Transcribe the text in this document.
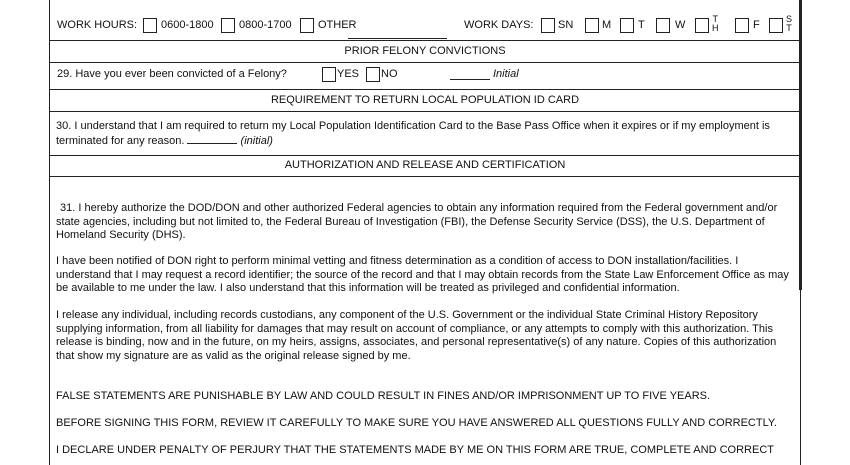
WORK HOURS: 0600-1800 0800-1700 OTHER	WORK DAYS: SN	M T	W	T
H	F	S
T
PRIOR FELONY CONVICTIONS
29. Have you ever been convicted of a Felony?	YES NO	Initial
REQUIREMENT TO RETURN LOCAL POPULATION ID CARD
30. I understand that I am required to return my Local Population Identification Card to the Base Pass Office when it expires or if my employment is
terminated for any reason.	(initial)
AUTHORIZATION AND RELEASE AND CERTIFICATION
31. I hereby authorize the DOD/DON and other authorized Federal agencies to obtain any information required from the Federal government and/or state agencies, including but not limited to, the Federal Bureau of Investigation (FBI), the Defense Security Service (DSS), the U.S. Department of Homeland Security (DHS).
I have been notified of DON right to perform minimal vetting and fitness determination as a condition of access to DON installation/facilities. I understand that I may request a record identifier; the source of the record and that I may obtain records from the State Law Enforcement Office as may be available to me under the law. I also understand that this information will be treated as privileged and confidential information.
I release any individual, including records custodians, any component of the U.S. Government or the individual State Criminal History Repository supplying information, from all liability for damages that may result on account of compliance, or any attempts to comply with this authorization. This release is binding, now and in the future, on my heirs, assigns, associates, and personal representative(s) of any nature. Copies of this authorization that show my signature are as valid as the original release signed by me.
FALSE STATEMENTS ARE PUNISHABLE BY LAW AND COULD RESULT IN FINES AND/OR IMPRISONMENT UP TO FIVE YEARS.
BEFORE SIGNING THIS FORM, REVIEW IT CAREFULLY TO MAKE SURE YOU HAVE ANSWERED ALL QUESTIONS FULLY AND CORRECTLY.
I DECLARE UNDER PENALTY OF PERJURY THAT THE STATEMENTS MADE BY ME ON THIS FORM ARE TRUE, COMPLETE AND CORRECT
